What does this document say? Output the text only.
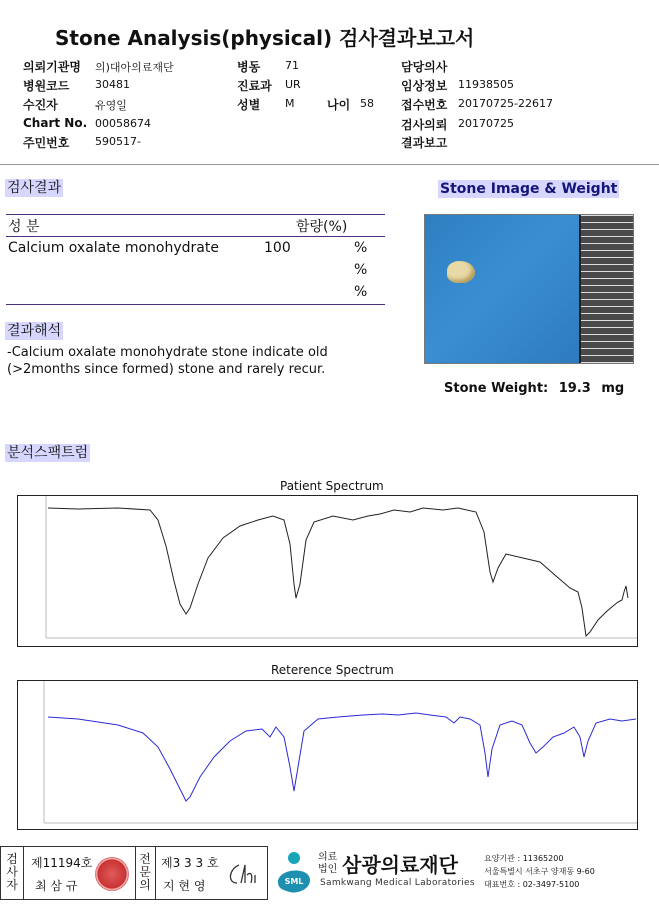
Stone Analysis(physical) 검사결과보고서
의뢰기관명 의)대아의료재단
병원코드 30481
수진자	유영일
Chart No. 00058674
주민번호 590517-
병동 71
진료과 UR
성별 M	나이 58
담당의사
임상정보 11938505
접수번호 20170725-22617
검사의뢰 20170725
결과보고
검사결과
성 분	함량(%)
Calcium oxalate monohydrate	100	%
%
%
결과해석
-Calcium oxalate monohydrate stone indicate old
(>2months since formed) stone and rarely recur.
Stone Image & Weight
Stone Weight: 19.3 mg
분석스팩트럼
Patient Spectrum
Reterence Spectrum
검
사
자
제11194호
최 삼 규
전
문
의
제3 3 3 호
지 현 영	SML
의료
법인 삼광의료재단
Samkwang Medical Laboratories
요양기관 : 11365200
서울특별시 서초구 양재동 9-60
대표번호 : 02-3497-5100
